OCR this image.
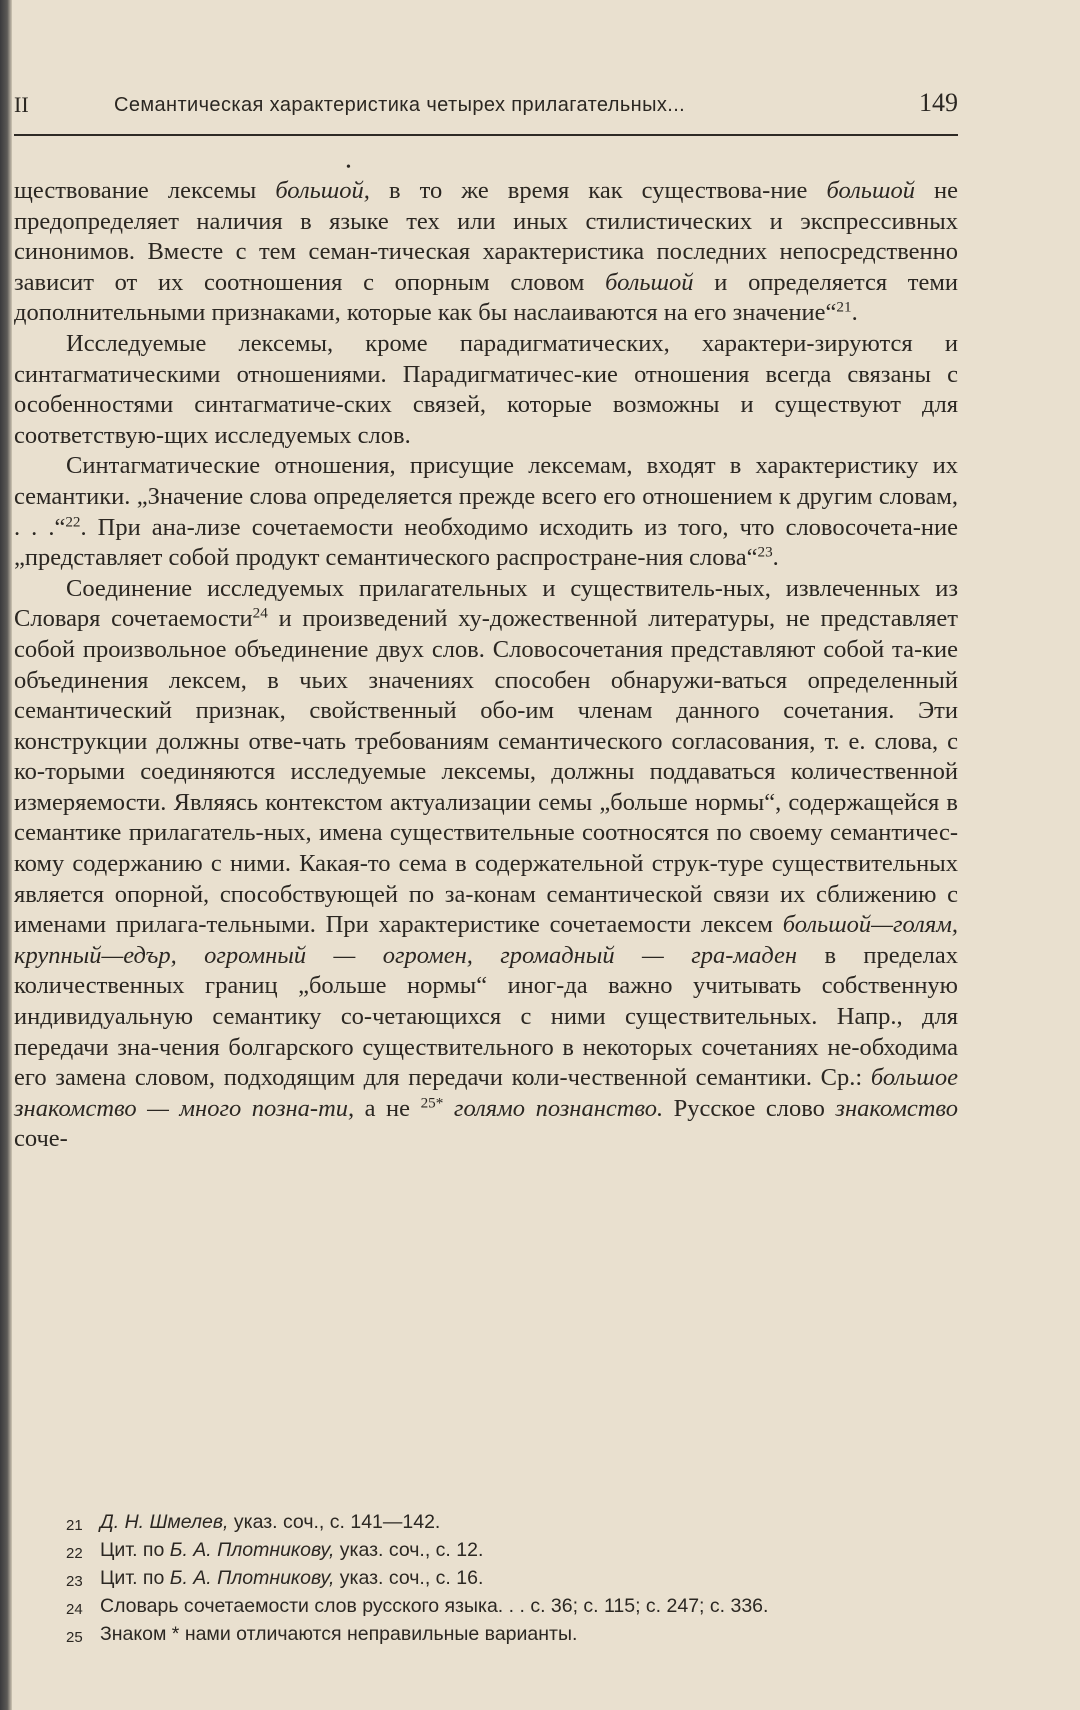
II	Семантическая характеристика четырех прилагательных...	149
•

ществование лексемы большой, в то же время как существова-ние большой не предопределяет наличия в языке тех или иных стилистических и экспрессивных синонимов. Вместе с тем семан-тическая характеристика последних непосредственно зависит от их соотношения с опорным словом большой и определяется теми дополнительными признаками, которые как бы наслаиваются на его значение“$^{21}$.

Исследуемые лексемы, кроме парадигматических, характери-зируются и синтагматическими отношениями. Парадигматичес-кие отношения всегда связаны с особенностями синтагматиче-ских связей, которые возможны и существуют для соответствую-щих исследуемых слов.

Синтагматические отношения, присущие лексемам, входят в характеристику их семантики. „Значение слова определяется прежде всего его отношением к другим словам, . . .“$^{22}$. При ана-лизе сочетаемости необходимо исходить из того, что словосочета-ние „представляет собой продукт семантического распростране-ния слова“$^{23}$.

Соединение исследуемых прилагательных и существитель-ных, извлеченных из Словаря сочетаемости$^{24}$ и произведений ху-дожественной литературы, не представляет собой произвольное объединение двух слов. Словосочетания представляют собой та-кие объединения лексем, в чьих значениях способен обнаружи-ваться определенный семантический признак, свойственный обо-им членам данного сочетания. Эти конструкции должны отве-чать требованиям семантического согласования, т. е. слова, с ко-торыми соединяются исследуемые лексемы, должны поддаваться количественной измеряемости. Являясь контекстом актуализации семы „больше нормы“, содержащейся в семантике прилагатель-ных, имена существительные соотносятся по своему семантичес-кому содержанию с ними. Какая-то сема в содержательной струк-туре существительных является опорной, способствующей по за-конам семантической связи их сближению с именами прилага-тельными. При характеристике сочетаемости лексем большой—голям, крупный—едър, огромный — огромен, громадный — гра-маден в пределах количественных границ „больше нормы“ иног-да важно учитывать собственную индивидуальную семантику со-четающихся с ними существительных. Напр., для передачи зна-чения болгарского существительного в некоторых сочетаниях не-обходима его замена словом, подходящим для передачи коли-чественной семантики. Ср.: большое знакомство — много позна-ти, а не $^{25*}$ голямо познанство. Русское слово знакомство соче-

21 Д. Н. Шмелев, указ. соч., с. 141—142.
22 Цит. по Б. А. Плотникову, указ. соч., с. 12.
23 Цит. по Б. А. Плотникову, указ. соч., с. 16.
24 Словарь сочетаемости слов русского языка. . . с. 36; с. 115; с. 247; с. 336.
25 Знаком * нами отличаются неправильные варианты.
